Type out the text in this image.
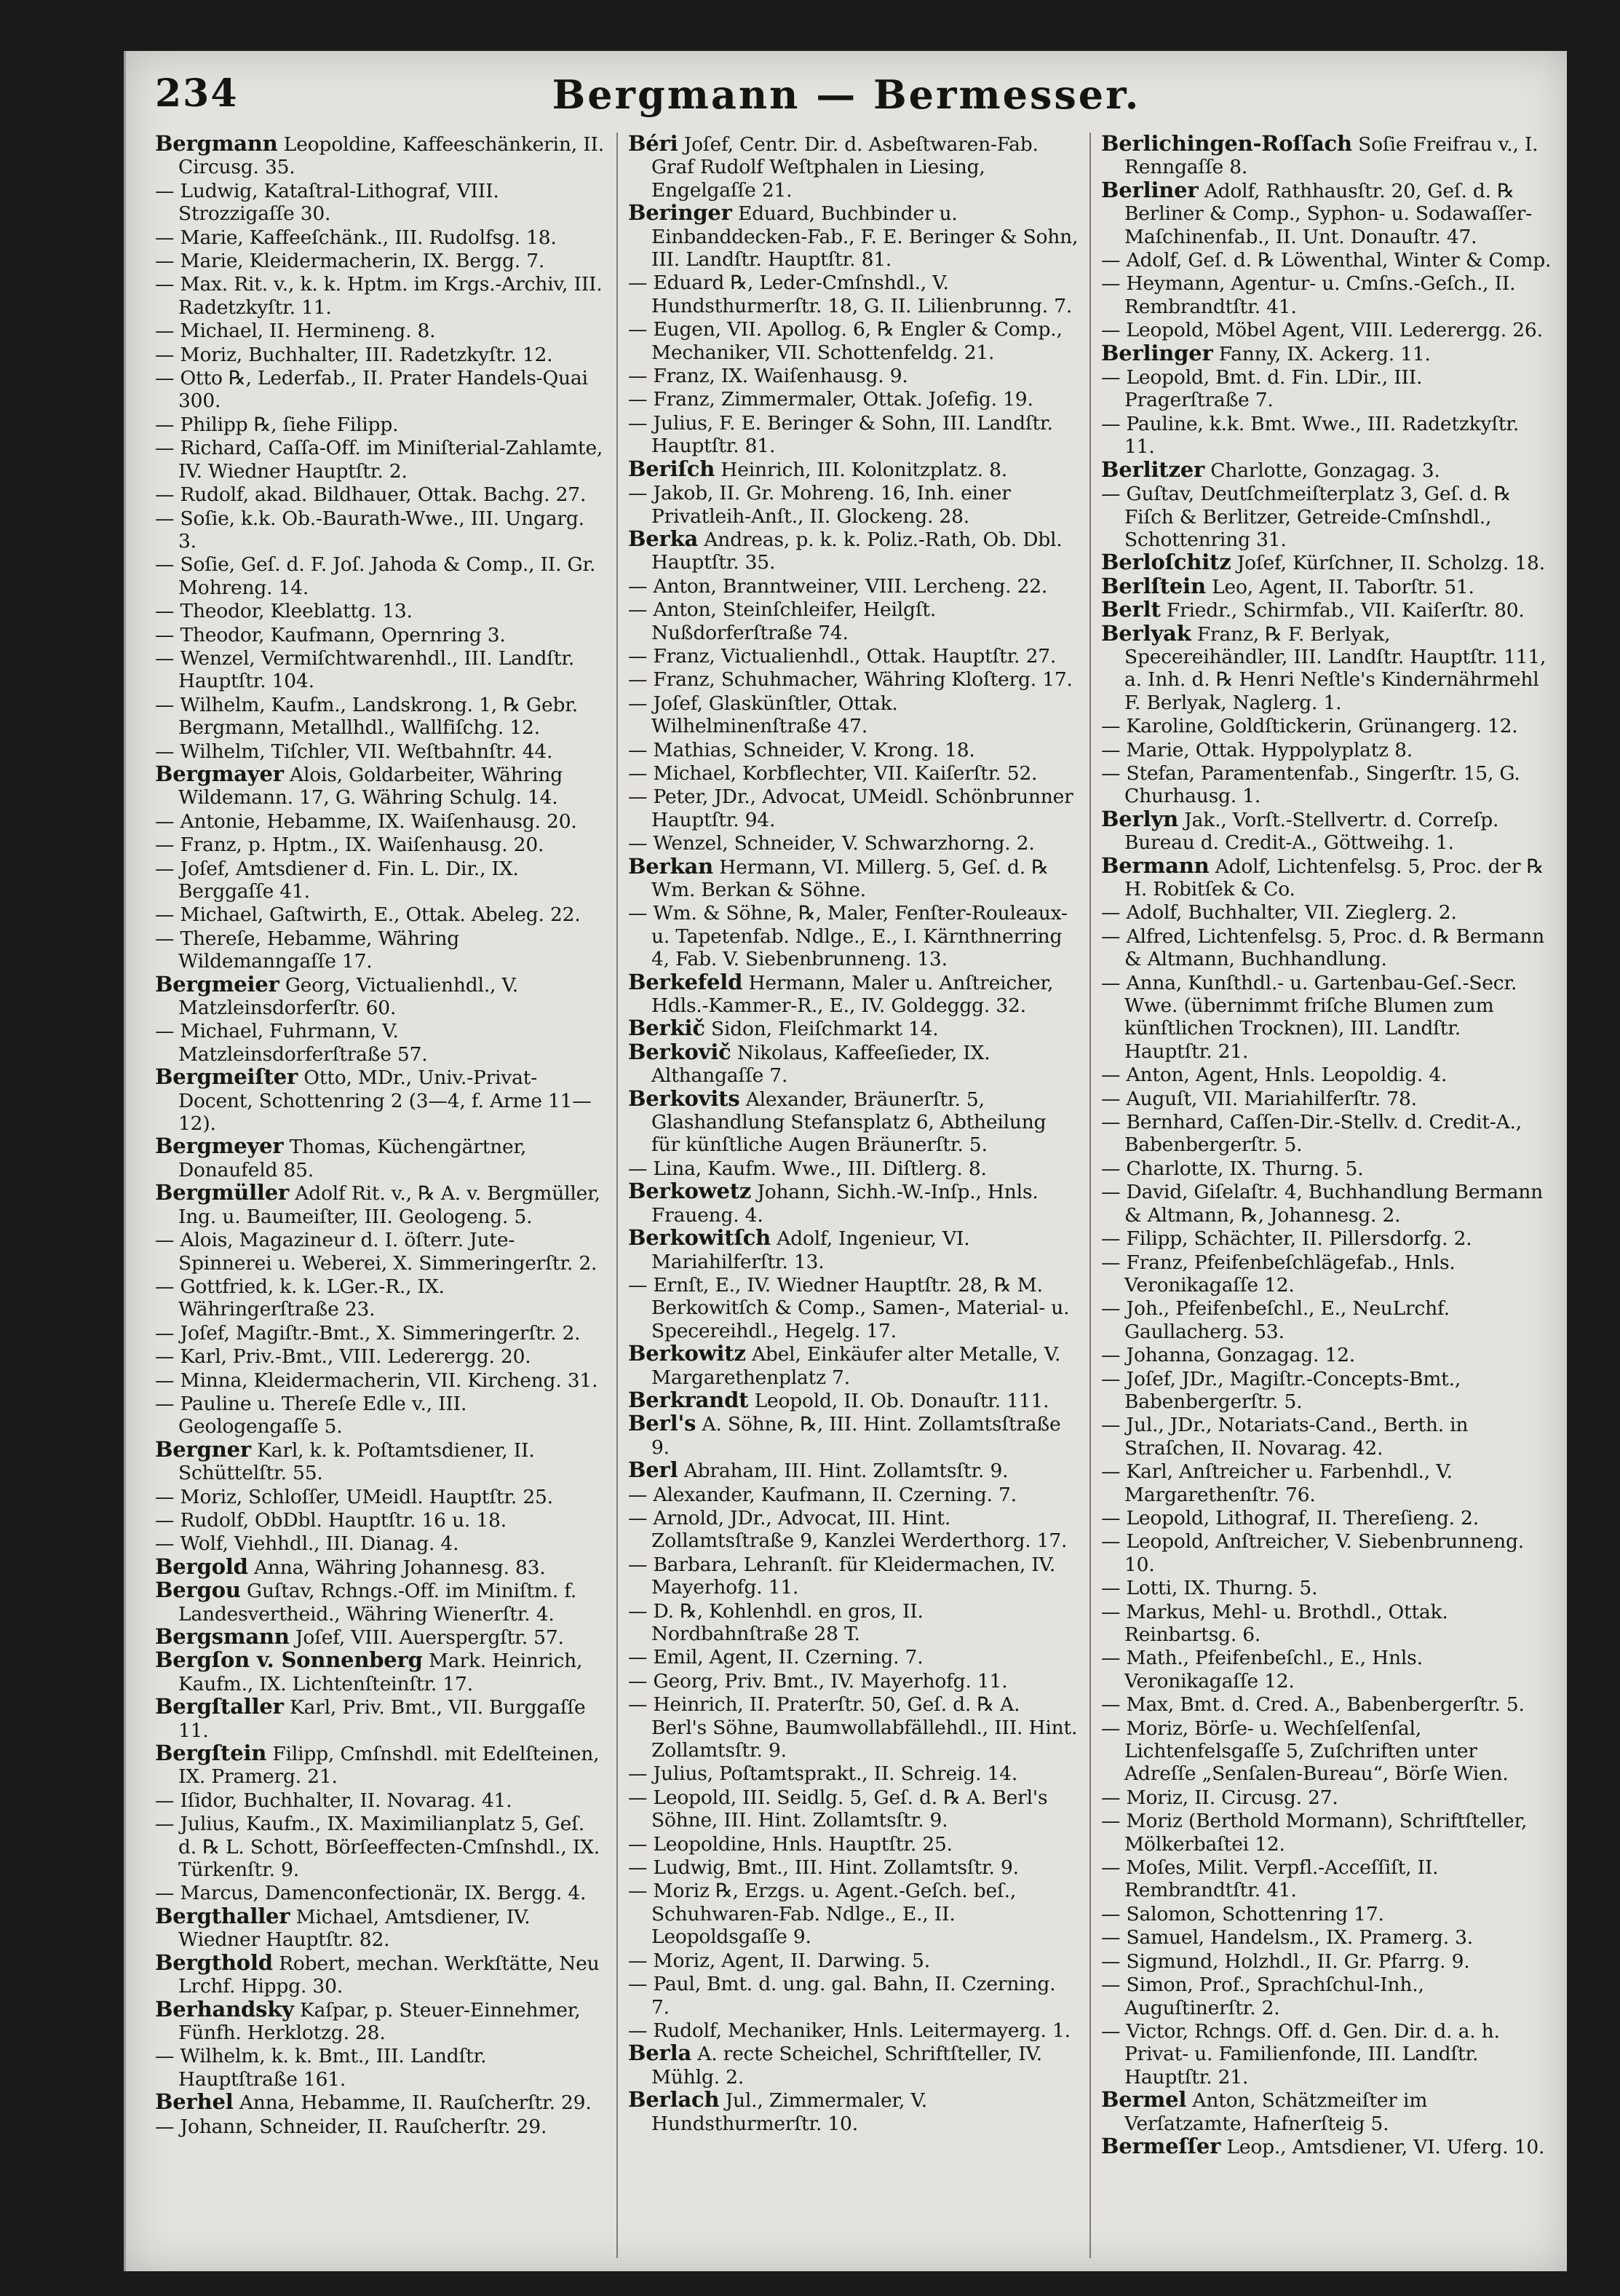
234	Bergmann — Bermesser.

Bergmann Leopoldine, Kaffeeschänkerin, II. Circusg. 35.

— Ludwig, Kataſtral-Lithograf, VIII. Strozzigaſſe 30.

— Marie, Kaffeeſchänk., III. Rudolfsg. 18.

— Marie, Kleidermacherin, IX. Bergg. 7.

— Max. Rit. v., k. k. Hptm. im Krgs.-Archiv, III. Radetzkyſtr. 11.

— Michael, II. Hermineng. 8.

— Moriz, Buchhalter, III. Radetzkyſtr. 12.

— Otto ℞, Lederfab., II. Prater Handels-Quai 300.

— Philipp ℞, ſiehe Filipp.

— Richard, Caſſa-Off. im Miniſterial-Zahlamte, IV. Wiedner Hauptſtr. 2.

— Rudolf, akad. Bildhauer, Ottak. Bachg. 27.

— Soſie, k.k. Ob.-Baurath-Wwe., III. Ungarg. 3.

— Soſie, Geſ. d. F. Joſ. Jahoda & Comp., II. Gr. Mohreng. 14.

— Theodor, Kleeblattg. 13.

— Theodor, Kaufmann, Opernring 3.

— Wenzel, Vermiſchtwarenhdl., III. Landſtr. Hauptſtr. 104.

— Wilhelm, Kaufm., Landskrong. 1, ℞ Gebr. Bergmann, Metallhdl., Wallfiſchg. 12.

— Wilhelm, Tiſchler, VII. Weſtbahnſtr. 44.

Bergmayer Alois, Goldarbeiter, Währing Wildemann. 17, G. Währing Schulg. 14.

— Antonie, Hebamme, IX. Waiſenhausg. 20.

— Franz, p. Hptm., IX. Waiſenhausg. 20.

— Joſef, Amtsdiener d. Fin. L. Dir., IX. Berggaſſe 41.

— Michael, Gaſtwirth, E., Ottak. Abeleg. 22.

— Thereſe, Hebamme, Währing Wildemanngaſſe 17.

Bergmeier Georg, Victualienhdl., V. Matzleinsdorferſtr. 60.

— Michael, Fuhrmann, V. Matzleinsdorferſtraße 57.

Bergmeiſter Otto, MDr., Univ.-Privat-Docent, Schottenring 2 (3—4, f. Arme 11—12).

Bergmeyer Thomas, Küchengärtner, Donaufeld 85.

Bergmüller Adolf Rit. v., ℞ A. v. Bergmüller, Ing. u. Baumeiſter, III. Geologeng. 5.

— Alois, Magazineur d. I. öſterr. Jute-Spinnerei u. Weberei, X. Simmeringerſtr. 2.

— Gottfried, k. k. LGer.-R., IX. Währingerſtraße 23.

— Joſef, Magiſtr.-Bmt., X. Simmeringerſtr. 2.

— Karl, Priv.-Bmt., VIII. Lederergg. 20.

— Minna, Kleidermacherin, VII. Kircheng. 31.

— Pauline u. Thereſe Edle v., III. Geologengaſſe 5.

Bergner Karl, k. k. Poſtamtsdiener, II. Schüttelſtr. 55.

— Moriz, Schloſſer, UMeidl. Hauptſtr. 25.

— Rudolf, ObDbl. Hauptſtr. 16 u. 18.

— Wolf, Viehhdl., III. Dianag. 4.

Bergold Anna, Währing Johannesg. 83.

Bergou Guſtav, Rchngs.-Off. im Miniſtm. f. Landesvertheid., Währing Wienerſtr. 4.

Bergsmann Joſef, VIII. Auerspergſtr. 57.

Bergſon v. Sonnenberg Mark. Heinrich, Kaufm., IX. Lichtenſteinſtr. 17.

Bergſtaller Karl, Priv. Bmt., VII. Burggaſſe 11.

Bergſtein Filipp, Cmſnshdl. mit Edelſteinen, IX. Pramerg. 21.

— Iſidor, Buchhalter, II. Novarag. 41.

— Julius, Kaufm., IX. Maximilianplatz 5, Geſ. d. ℞ L. Schott, Börſeeffecten-Cmſnshdl., IX. Türkenſtr. 9.

— Marcus, Damenconfectionär, IX. Bergg. 4.

Bergthaller Michael, Amtsdiener, IV. Wiedner Hauptſtr. 82.

Bergthold Robert, mechan. Werkſtätte, Neu Lrchf. Hippg. 30.

Berhandsky Kaſpar, p. Steuer-Einnehmer, Fünfh. Herklotzg. 28.

— Wilhelm, k. k. Bmt., III. Landſtr. Hauptſtraße 161.

Berhel Anna, Hebamme, II. Rauſcherſtr. 29.

— Johann, Schneider, II. Rauſcherſtr. 29.

Béri Joſef, Centr. Dir. d. Asbeſtwaren-Fab. Graf Rudolf Weſtphalen in Liesing, Engelgaſſe 21.

Beringer Eduard, Buchbinder u. Einbanddecken-Fab., F. E. Beringer & Sohn, III. Landſtr. Hauptſtr. 81.

— Eduard ℞, Leder-Cmſnshdl., V. Hundsthurmerſtr. 18, G. II. Lilienbrunng. 7.

— Eugen, VII. Apollog. 6, ℞ Engler & Comp., Mechaniker, VII. Schottenfeldg. 21.

— Franz, IX. Waiſenhausg. 9.

— Franz, Zimmermaler, Ottak. Joſefig. 19.

— Julius, F. E. Beringer & Sohn, III. Landſtr. Hauptſtr. 81.

Beriſch Heinrich, III. Kolonitzplatz. 8.

— Jakob, II. Gr. Mohreng. 16, Inh. einer Privatleih-Anſt., II. Glockeng. 28.

Berka Andreas, p. k. k. Poliz.-Rath, Ob. Dbl. Hauptſtr. 35.

— Anton, Branntweiner, VIII. Lercheng. 22.

— Anton, Steinſchleifer, Heilgſt. Nußdorferſtraße 74.

— Franz, Victualienhdl., Ottak. Hauptſtr. 27.

— Franz, Schuhmacher, Währing Kloſterg. 17.

— Joſef, Glaskünſtler, Ottak. Wilhelminenſtraße 47.

— Mathias, Schneider, V. Krong. 18.

— Michael, Korbflechter, VII. Kaiſerſtr. 52.

— Peter, JDr., Advocat, UMeidl. Schönbrunner Hauptſtr. 94.

— Wenzel, Schneider, V. Schwarzhorng. 2.

Berkan Hermann, VI. Millerg. 5, Geſ. d. ℞ Wm. Berkan & Söhne.

— Wm. & Söhne, ℞, Maler, Fenſter-Rouleaux- u. Tapetenfab. Ndlge., E., I. Kärnthnerring 4, Fab. V. Siebenbrunneng. 13.

Berkefeld Hermann, Maler u. Anſtreicher, Hdls.-Kammer-R., E., IV. Goldeggg. 32.

Berkič Sidon, Fleiſchmarkt 14.

Berkovič Nikolaus, Kaffeeſieder, IX. Althangaſſe 7.

Berkovits Alexander, Bräunerſtr. 5, Glashandlung Stefansplatz 6, Abtheilung für künſtliche Augen Bräunerſtr. 5.

— Lina, Kaufm. Wwe., III. Diſtlerg. 8.

Berkowetz Johann, Sichh.-W.-Inſp., Hnls. Fraueng. 4.

Berkowitſch Adolf, Ingenieur, VI. Mariahilferſtr. 13.

— Ernſt, E., IV. Wiedner Hauptſtr. 28, ℞ M. Berkowitſch & Comp., Samen-, Material- u. Specereihdl., Hegelg. 17.

Berkowitz Abel, Einkäufer alter Metalle, V. Margarethenplatz 7.

Berkrandt Leopold, II. Ob. Donauſtr. 111.

Berl's A. Söhne, ℞, III. Hint. Zollamtsſtraße 9.

Berl Abraham, III. Hint. Zollamtsſtr. 9.

— Alexander, Kaufmann, II. Czerning. 7.

— Arnold, JDr., Advocat, III. Hint. Zollamtsſtraße 9, Kanzlei Werderthorg. 17.

— Barbara, Lehranſt. für Kleidermachen, IV. Mayerhofg. 11.

— D. ℞, Kohlenhdl. en gros, II. Nordbahnſtraße 28 T.

— Emil, Agent, II. Czerning. 7.

— Georg, Priv. Bmt., IV. Mayerhofg. 11.

— Heinrich, II. Praterſtr. 50, Geſ. d. ℞ A. Berl's Söhne, Baumwollabfällehdl., III. Hint. Zollamtsſtr. 9.

— Julius, Poſtamtsprakt., II. Schreig. 14.

— Leopold, III. Seidlg. 5, Geſ. d. ℞ A. Berl's Söhne, III. Hint. Zollamtsſtr. 9.

— Leopoldine, Hnls. Hauptſtr. 25.

— Ludwig, Bmt., III. Hint. Zollamtsſtr. 9.

— Moriz ℞, Erzgs. u. Agent.-Geſch. beſ., Schuhwaren-Fab. Ndlge., E., II. Leopoldsgaſſe 9.

— Moriz, Agent, II. Darwing. 5.

— Paul, Bmt. d. ung. gal. Bahn, II. Czerning. 7.

— Rudolf, Mechaniker, Hnls. Leitermayerg. 1.

Berla A. recte Scheichel, Schriftſteller, IV. Mühlg. 2.

Berlach Jul., Zimmermaler, V. Hundsthurmerſtr. 10.

Berlichingen-Roſſach Soſie Freifrau v., I. Renngaſſe 8.

Berliner Adolf, Rathhausſtr. 20, Geſ. d. ℞ Berliner & Comp., Syphon- u. Sodawaſſer-Maſchinenfab., II. Unt. Donauſtr. 47.

— Adolf, Geſ. d. ℞ Löwenthal, Winter & Comp.

— Heymann, Agentur- u. Cmſns.-Geſch., II. Rembrandtſtr. 41.

— Leopold, Möbel Agent, VIII. Lederergg. 26.

Berlinger Fanny, IX. Ackerg. 11.

— Leopold, Bmt. d. Fin. LDir., III. Pragerſtraße 7.

— Pauline, k.k. Bmt. Wwe., III. Radetzkyſtr. 11.

Berlitzer Charlotte, Gonzagag. 3.

— Guſtav, Deutſchmeiſterplatz 3, Geſ. d. ℞ Fiſch & Berlitzer, Getreide-Cmſnshdl., Schottenring 31.

Berloſchitz Joſef, Kürſchner, II. Scholzg. 18.

Berlſtein Leo, Agent, II. Taborſtr. 51.

Berlt Friedr., Schirmfab., VII. Kaiſerſtr. 80.

Berlyak Franz, ℞ F. Berlyak, Specereihändler, III. Landſtr. Hauptſtr. 111, a. Inh. d. ℞ Henri Neſtle's Kindernährmehl F. Berlyak, Naglerg. 1.

— Karoline, Goldſtickerin, Grünangerg. 12.

— Marie, Ottak. Hyppolyplatz 8.

— Stefan, Paramentenfab., Singerſtr. 15, G. Churhausg. 1.

Berlyn Jak., Vorſt.-Stellvertr. d. Correſp. Bureau d. Credit-A., Göttweihg. 1.

Bermann Adolf, Lichtenfelsg. 5, Proc. der ℞ H. Robitſek & Co.

— Adolf, Buchhalter, VII. Zieglerg. 2.

— Alfred, Lichtenfelsg. 5, Proc. d. ℞ Bermann & Altmann, Buchhandlung.

— Anna, Kunſthdl.- u. Gartenbau-Geſ.-Secr. Wwe. (übernimmt friſche Blumen zum künſtlichen Trocknen), III. Landſtr. Hauptſtr. 21.

— Anton, Agent, Hnls. Leopoldig. 4.

— Auguſt, VII. Mariahilferſtr. 78.

— Bernhard, Caſſen-Dir.-Stellv. d. Credit-A., Babenbergerſtr. 5.

— Charlotte, IX. Thurng. 5.

— David, Giſelaſtr. 4, Buchhandlung Bermann & Altmann, ℞, Johannesg. 2.

— Filipp, Schächter, II. Pillersdorfg. 2.

— Franz, Pfeifenbeſchlägefab., Hnls. Veronikagaſſe 12.

— Joh., Pfeifenbeſchl., E., NeuLrchf. Gaullacherg. 53.

— Johanna, Gonzagag. 12.

— Joſef, JDr., Magiſtr.-Concepts-Bmt., Babenbergerſtr. 5.

— Jul., JDr., Notariats-Cand., Berth. in Straſchen, II. Novarag. 42.

— Karl, Anſtreicher u. Farbenhdl., V. Margarethenſtr. 76.

— Leopold, Lithograf, II. Thereſieng. 2.

— Leopold, Anſtreicher, V. Siebenbrunneng. 10.

— Lotti, IX. Thurng. 5.

— Markus, Mehl- u. Brothdl., Ottak. Reinbartsg. 6.

— Math., Pfeifenbeſchl., E., Hnls. Veronikagaſſe 12.

— Max, Bmt. d. Cred. A., Babenbergerſtr. 5.

— Moriz, Börſe- u. Wechſelſenſal, Lichtenfelsgaſſe 5, Zuſchriften unter Adreſſe „Senſalen-Bureau“, Börſe Wien.

— Moriz, II. Circusg. 27.

— Moriz (Berthold Mormann), Schriftſteller, Mölkerbaſtei 12.

— Moſes, Milit. Verpfl.-Acceſſiſt, II. Rembrandtſtr. 41.

— Salomon, Schottenring 17.

— Samuel, Handelsm., IX. Pramerg. 3.

— Sigmund, Holzhdl., II. Gr. Pfarrg. 9.

— Simon, Prof., Sprachſchul-Inh., Auguſtinerſtr. 2.

— Victor, Rchngs. Off. d. Gen. Dir. d. a. h. Privat- u. Familienfonde, III. Landſtr. Hauptſtr. 21.

Bermel Anton, Schätzmeiſter im Verſatzamte, Hafnerſteig 5.

Bermeſſer Leop., Amtsdiener, VI. Uferg. 10.
